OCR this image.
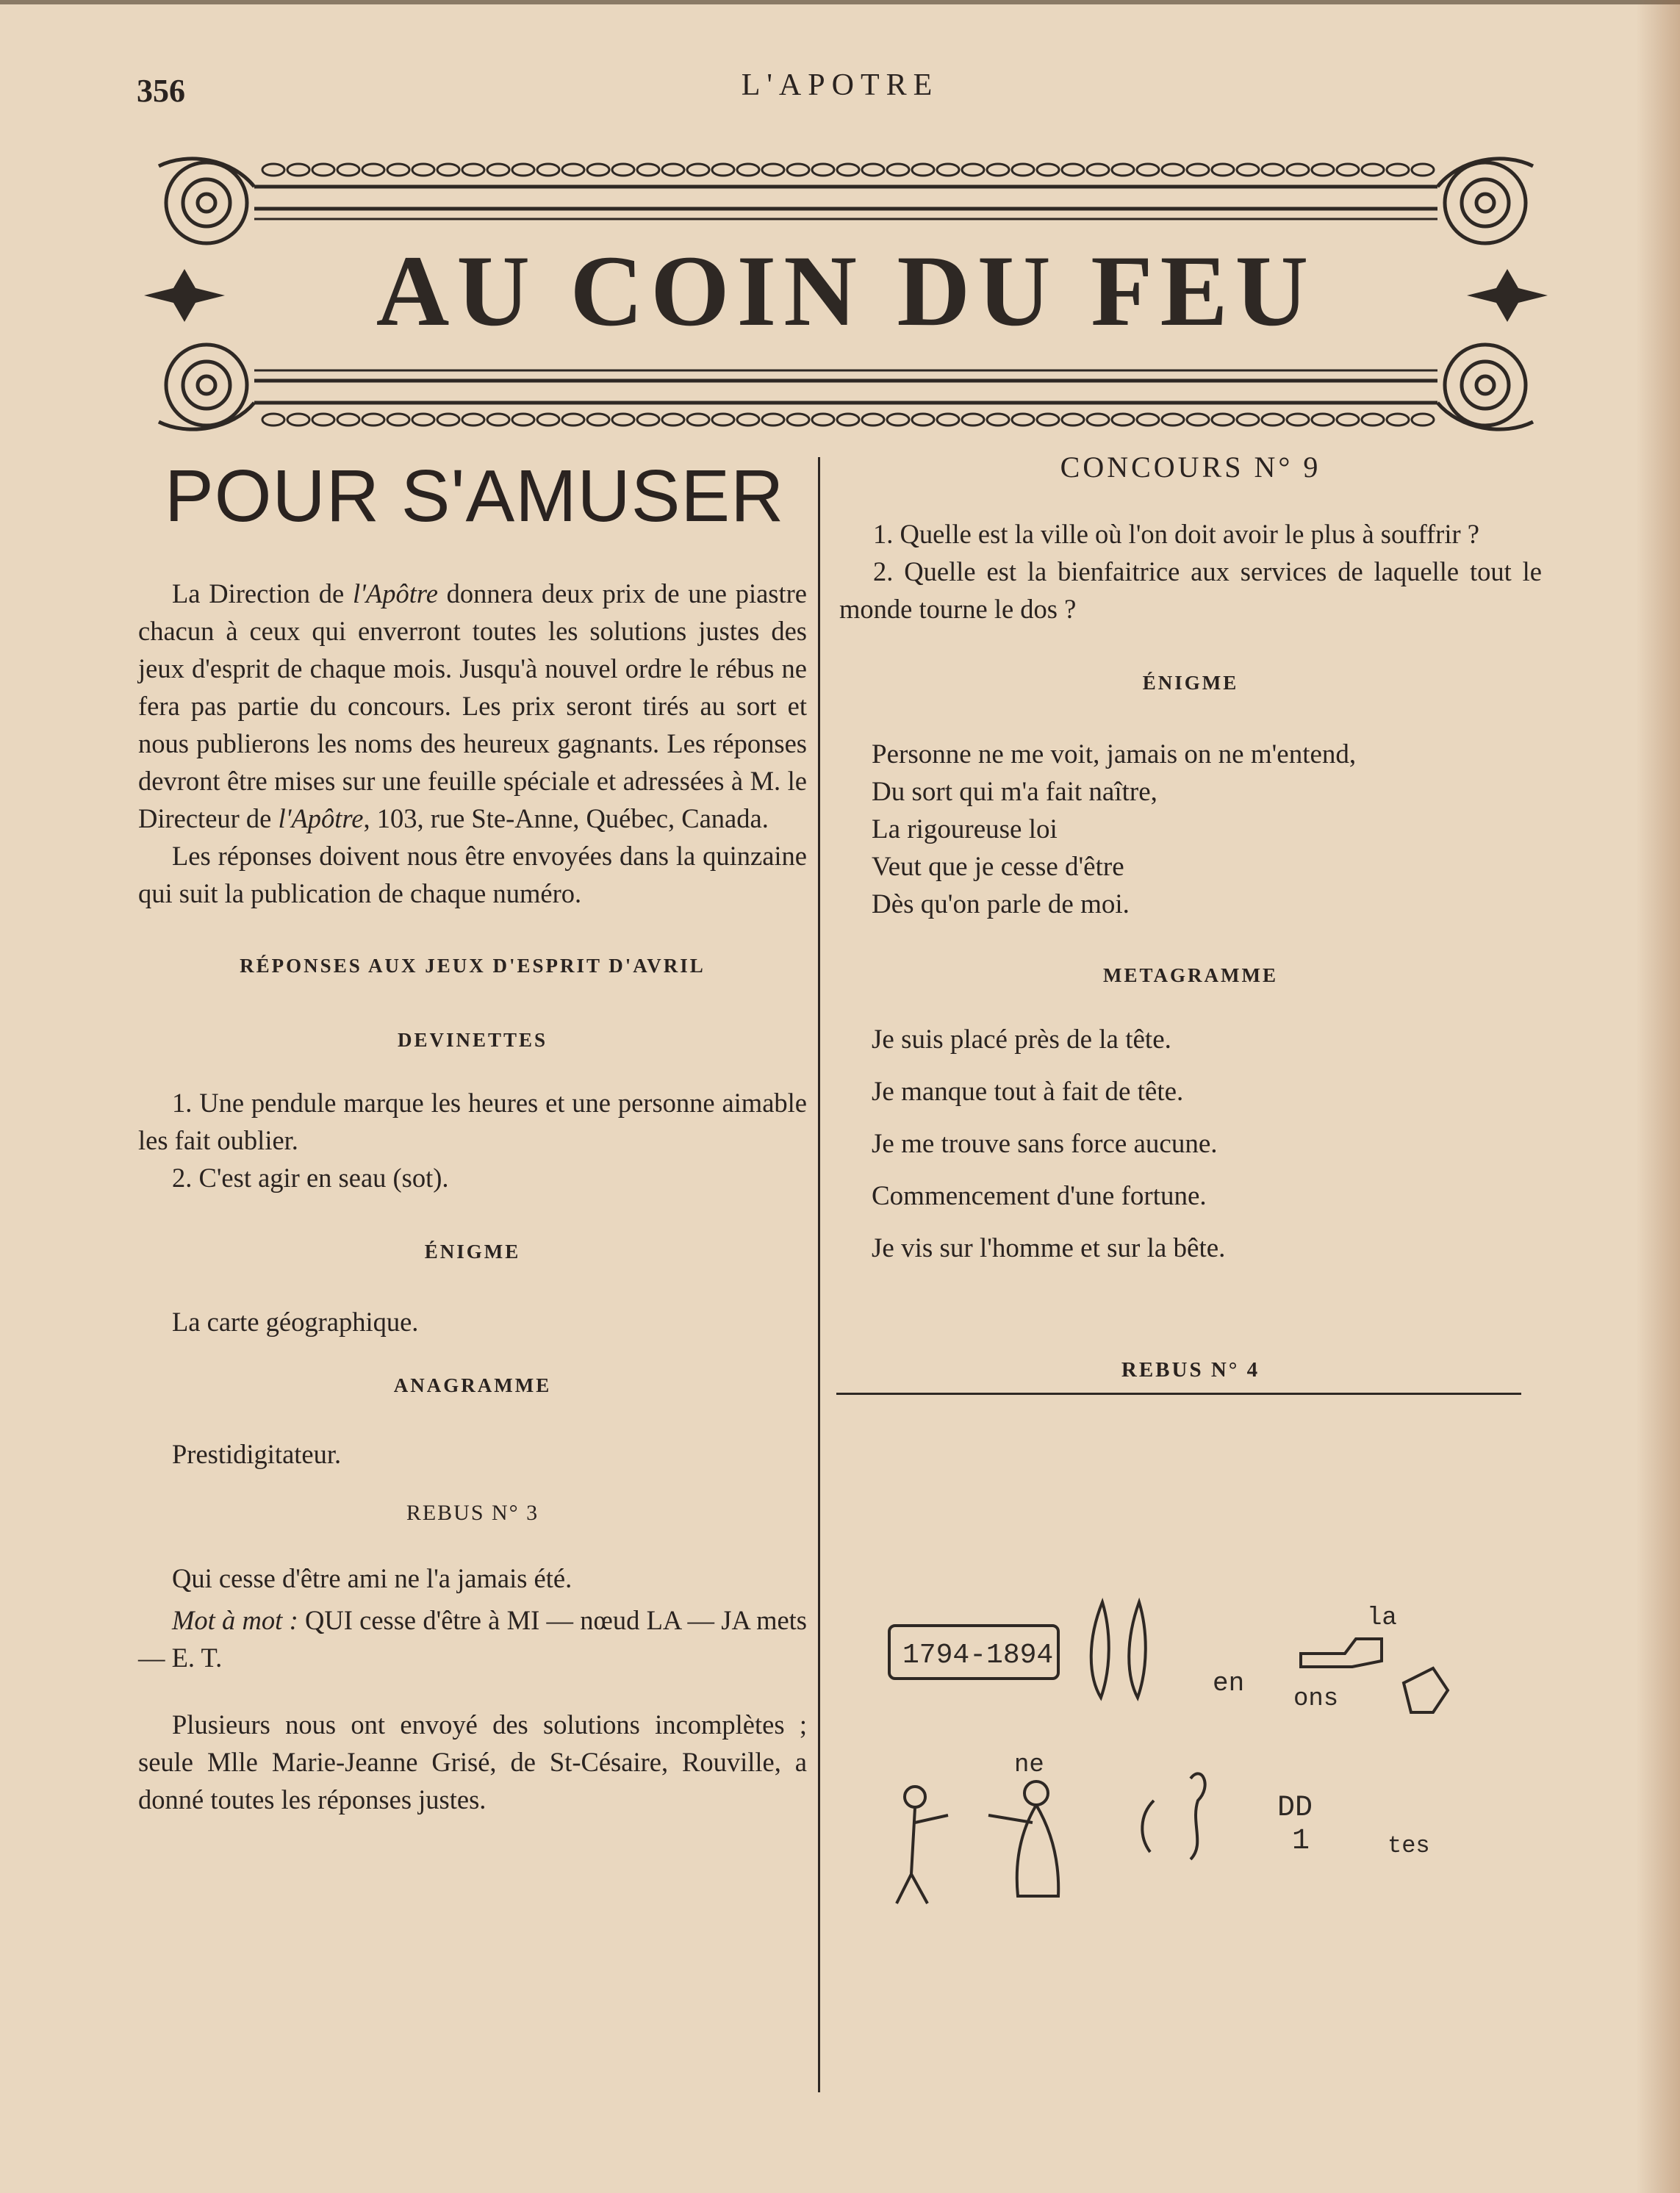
356	L'APOTRE
AU COIN DU FEU
POUR S'AMUSER

La Direction de l'Apôtre donnera deux prix de une piastre chacun à ceux qui enverront toutes les solutions justes des jeux d'esprit de chaque mois. Jusqu'à nouvel ordre le rébus ne fera pas partie du concours. Les prix seront tirés au sort et nous publierons les noms des heureux gagnants. Les réponses devront être mises sur une feuille spéciale et adressées à M. le Directeur de l'Apôtre, 103, rue Ste-Anne, Québec, Canada.

Les réponses doivent nous être envoyées dans la quinzaine qui suit la publication de chaque numéro.

RÉPONSES AUX JEUX D'ESPRIT D'AVRIL
DEVINETTES

1. Une pendule marque les heures et une personne aimable les fait oublier.

2. C'est agir en seau (sot).

ÉNIGME

La carte géographique.

ANAGRAMME

Prestidigitateur.

REBUS N° 3

Qui cesse d'être ami ne l'a jamais été.

Mot à mot : QUI cesse d'être à MI — nœud LA — JA mets — E. T.

Plusieurs nous ont envoyé des solutions incomplètes ; seule Mlle Marie-Jeanne Grisé, de St-Césaire, Rouville, a donné toutes les réponses justes.

CONCOURS N° 9

1. Quelle est la ville où l'on doit avoir le plus à souffrir ?

2. Quelle est la bienfaitrice aux services de laquelle tout le monde tourne le dos ?

ÉNIGME
Personne ne me voit, jamais on ne m'entend,
Du sort qui m'a fait naître,
La rigoureuse loi
Veut que je cesse d'être
Dès qu'on parle de moi.
METAGRAMME
Je suis placé près de la tête.
Je manque tout à fait de tête.
Je me trouve sans force aucune.
Commencement d'une fortune.
Je vis sur l'homme et sur la bête.
REBUS N° 4
1794-1894
en
la
ons
ne
DD
1	tes
